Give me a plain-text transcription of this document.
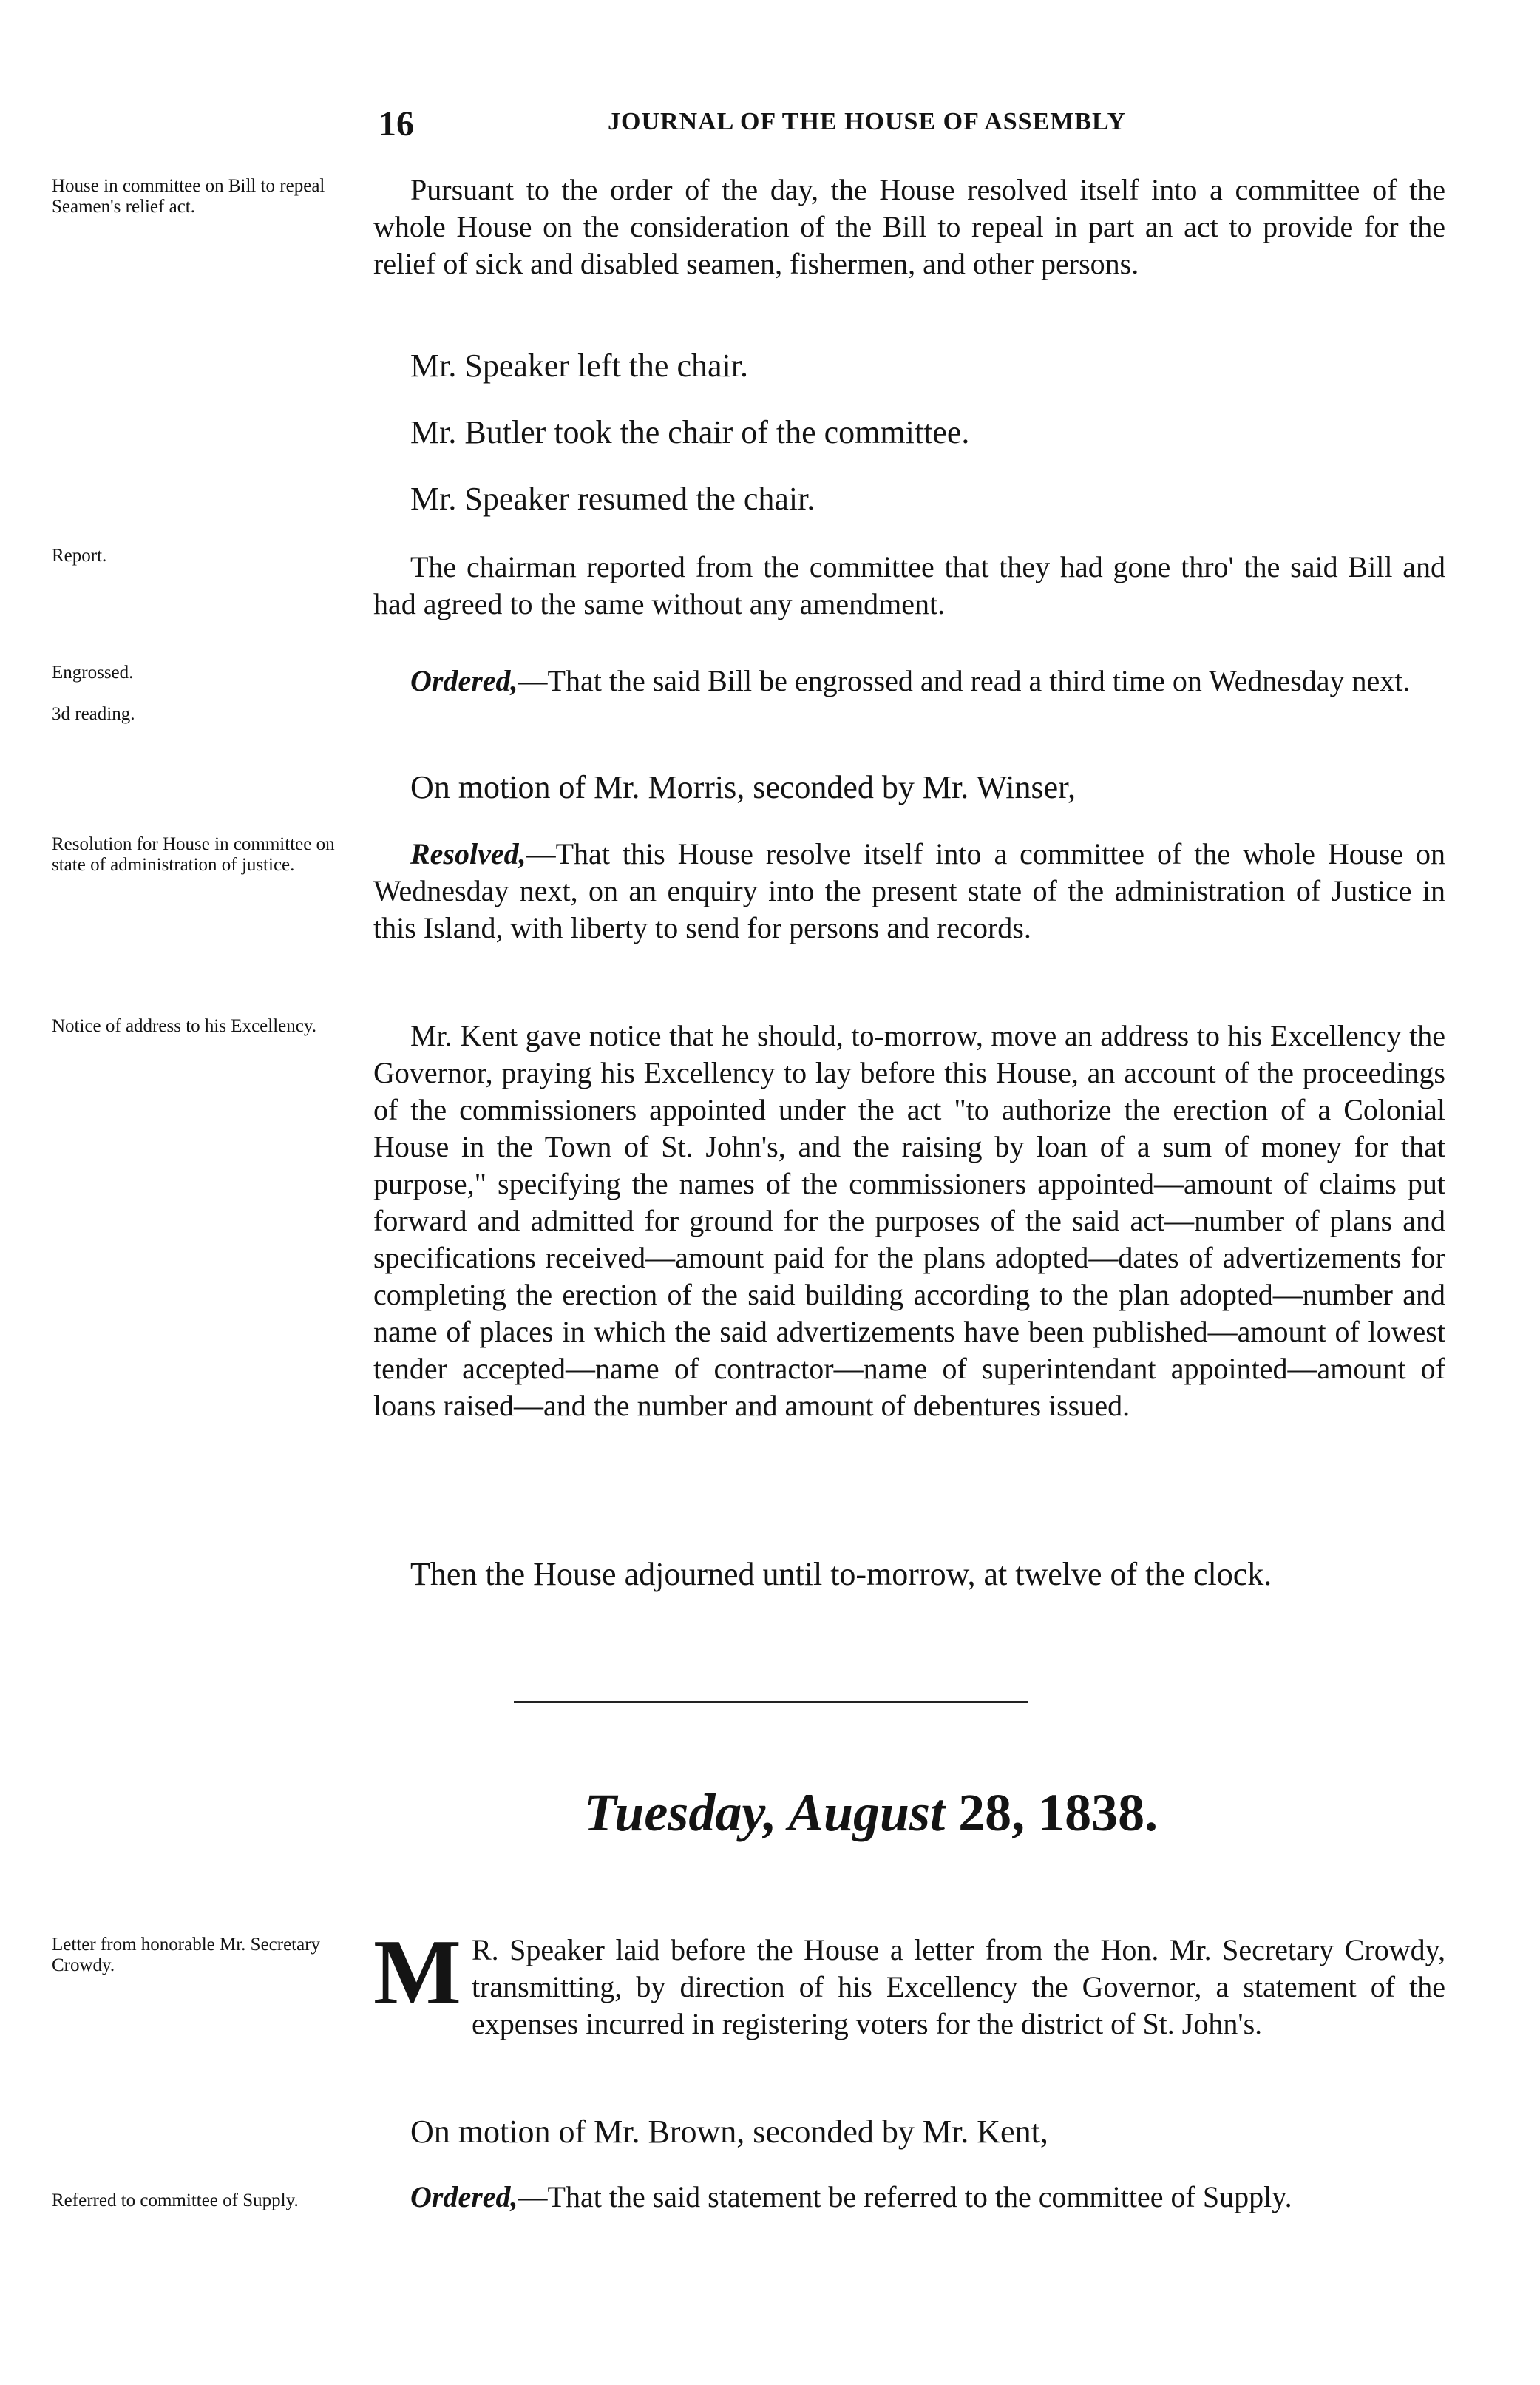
16	JOURNAL OF THE HOUSE OF ASSEMBLY
House in committee on Bill to repeal Seamen's relief act.
Report.
Engrossed.
3d reading.
Resolution for House in committee on state of administration of justice.
Notice of address to his Excellency.
Letter from honorable Mr. Secretary Crowdy.
Referred to committee of Supply.

Pursuant to the order of the day, the House resolved itself into a committee of the whole House on the consideration of the Bill to repeal in part an act to provide for the relief of sick and disabled seamen, fishermen, and other persons.

Mr. Speaker left the chair.
Mr. Butler took the chair of the committee.
Mr. Speaker resumed the chair.

The chairman reported from the committee that they had gone thro' the said Bill and had agreed to the same without any amendment.

Ordered,—That the said Bill be engrossed and read a third time on Wednesday next.

On motion of Mr. Morris, seconded by Mr. Winser,

Resolved,—That this House resolve itself into a committee of the whole House on Wednesday next, on an enquiry into the present state of the administration of Justice in this Island, with liberty to send for persons and records.

Mr. Kent gave notice that he should, to-morrow, move an address to his Excellency the Governor, praying his Excellency to lay before this House, an account of the proceedings of the commissioners appointed under the act "to authorize the erection of a Colonial House in the Town of St. John's, and the raising by loan of a sum of money for that purpose," specifying the names of the commissioners appointed—amount of claims put forward and admitted for ground for the purposes of the said act—number of plans and specifications received—amount paid for the plans adopted—dates of advertizements for completing the erection of the said building according to the plan adopted—number and name of places in which the said advertizements have been published—amount of lowest tender accepted—name of contractor—name of superintendant appointed—amount of loans raised—and the number and amount of debentures issued.

Then the House adjourned until to-morrow, at twelve of the clock.
Tuesday, August 28, 1838.

M R. Speaker laid before the House a letter from the Hon. Mr. Secretary Crowdy, transmitting, by direction of his Excellency the Governor, a statement of the expenses incurred in registering voters for the district of St. John's.

On motion of Mr. Brown, seconded by Mr. Kent,

Ordered,—That the said statement be referred to the committee of Supply.
